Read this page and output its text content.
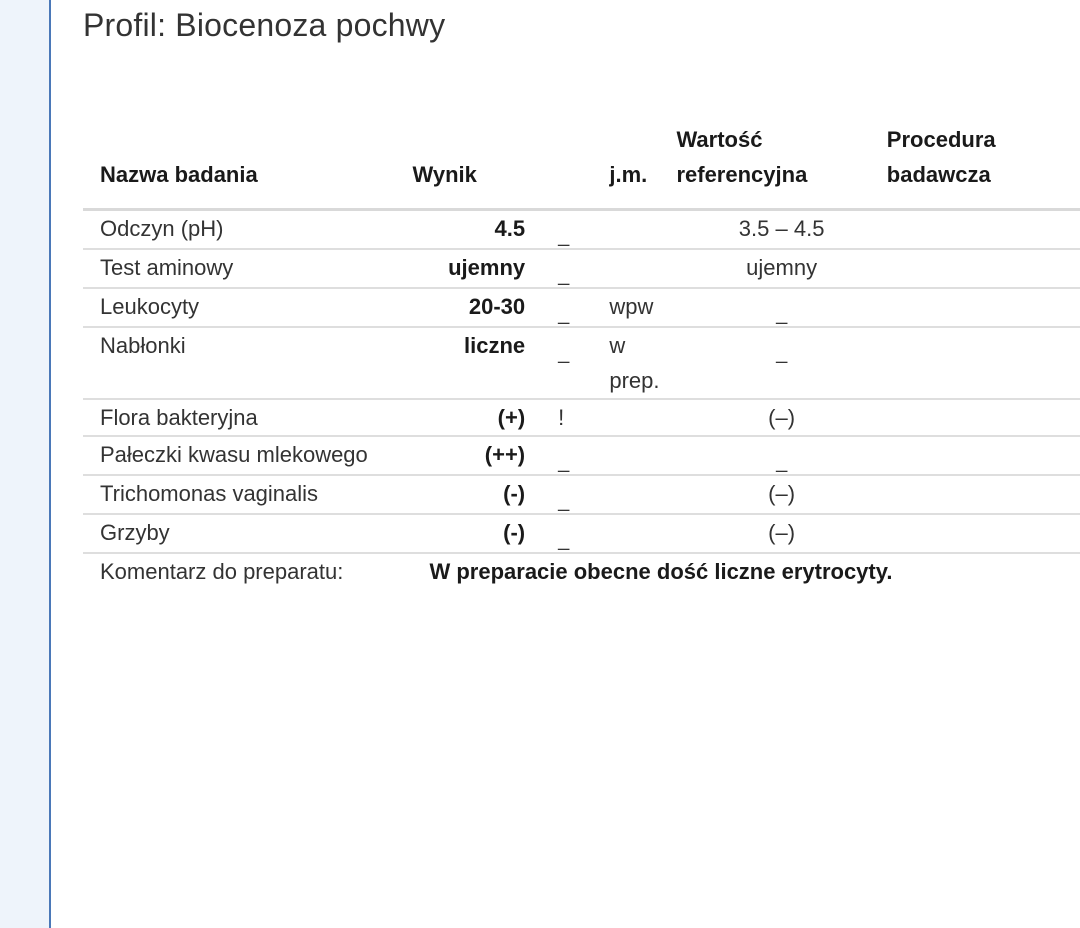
Profil: Biocenoza pochwy
Nazwa badania	Wynik		j.m.	Wartość referencyjna	Procedura badawcza
Odczyn (pH)	4.5	_		3.5 – 4.5	
Test aminowy	ujemny	_		ujemny	
Leukocyty	20-30	_	wpw	_	
Nabłonki	liczne	_	w prep.	_	
Flora bakteryjna	(+)	!		(–)	
Pałeczki kwasu mlekowego	(++)	_		_	
Trichomonas vaginalis	(-)	_		(–)	
Grzyby	(-)	_		(–)	
Komentarz do preparatu:	W preparacie obecne dość liczne erytrocyty.				
